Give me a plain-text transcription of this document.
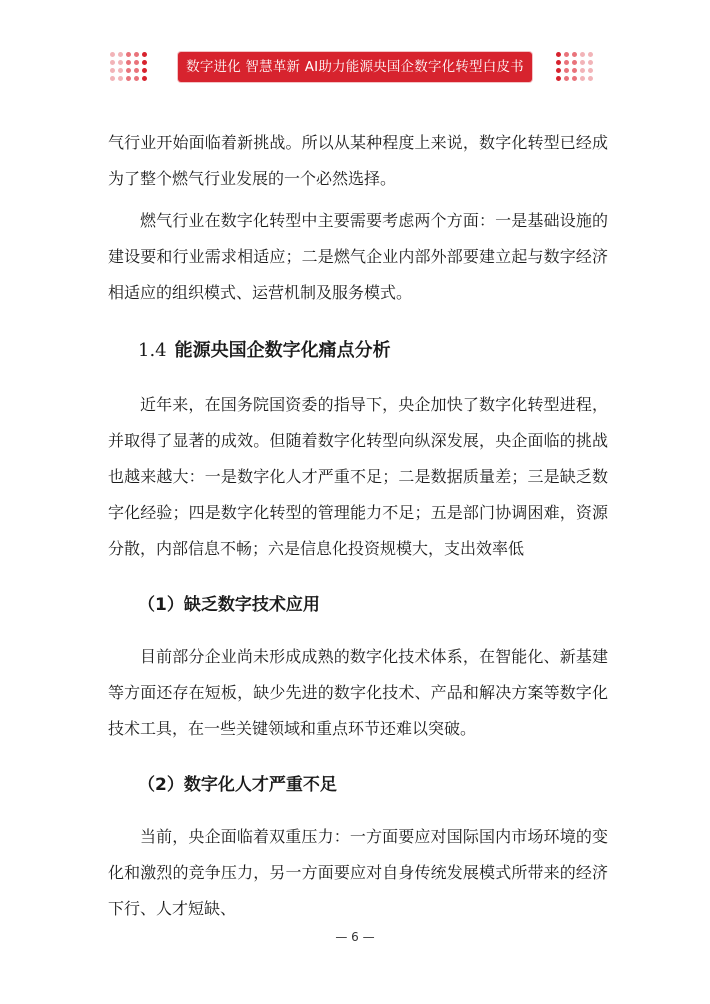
数字进化 智慧革新 AI助力能源央国企数字化转型白皮书

气行业开始面临着新挑战。所以从某种程度上来说，数字化转型已经成为了整个燃气行业发展的一个必然选择。

燃气行业在数字化转型中主要需要考虑两个方面：一是基础设施的建设要和行业需求相适应；二是燃气企业内部外部要建立起与数字经济相适应的组织模式、运营机制及服务模式。

1.4 能源央国企数字化痛点分析

近年来，在国务院国资委的指导下，央企加快了数字化转型进程，并取得了显著的成效。但随着数字化转型向纵深发展，央企面临的挑战也越来越大：一是数字化人才严重不足；二是数据质量差；三是缺乏数字化经验；四是数字化转型的管理能力不足；五是部门协调困难，资源分散，内部信息不畅；六是信息化投资规模大，支出效率低

（1）缺乏数字技术应用

目前部分企业尚未形成成熟的数字化技术体系，在智能化、新基建等方面还存在短板，缺少先进的数字化技术、产品和解决方案等数字化技术工具，在一些关键领域和重点环节还难以突破。

（2）数字化人才严重不足

当前，央企面临着双重压力：一方面要应对国际国内市场环境的变化和激烈的竞争压力，另一方面要应对自身传统发展模式所带来的经济下行、人才短缺、

— 6 —
